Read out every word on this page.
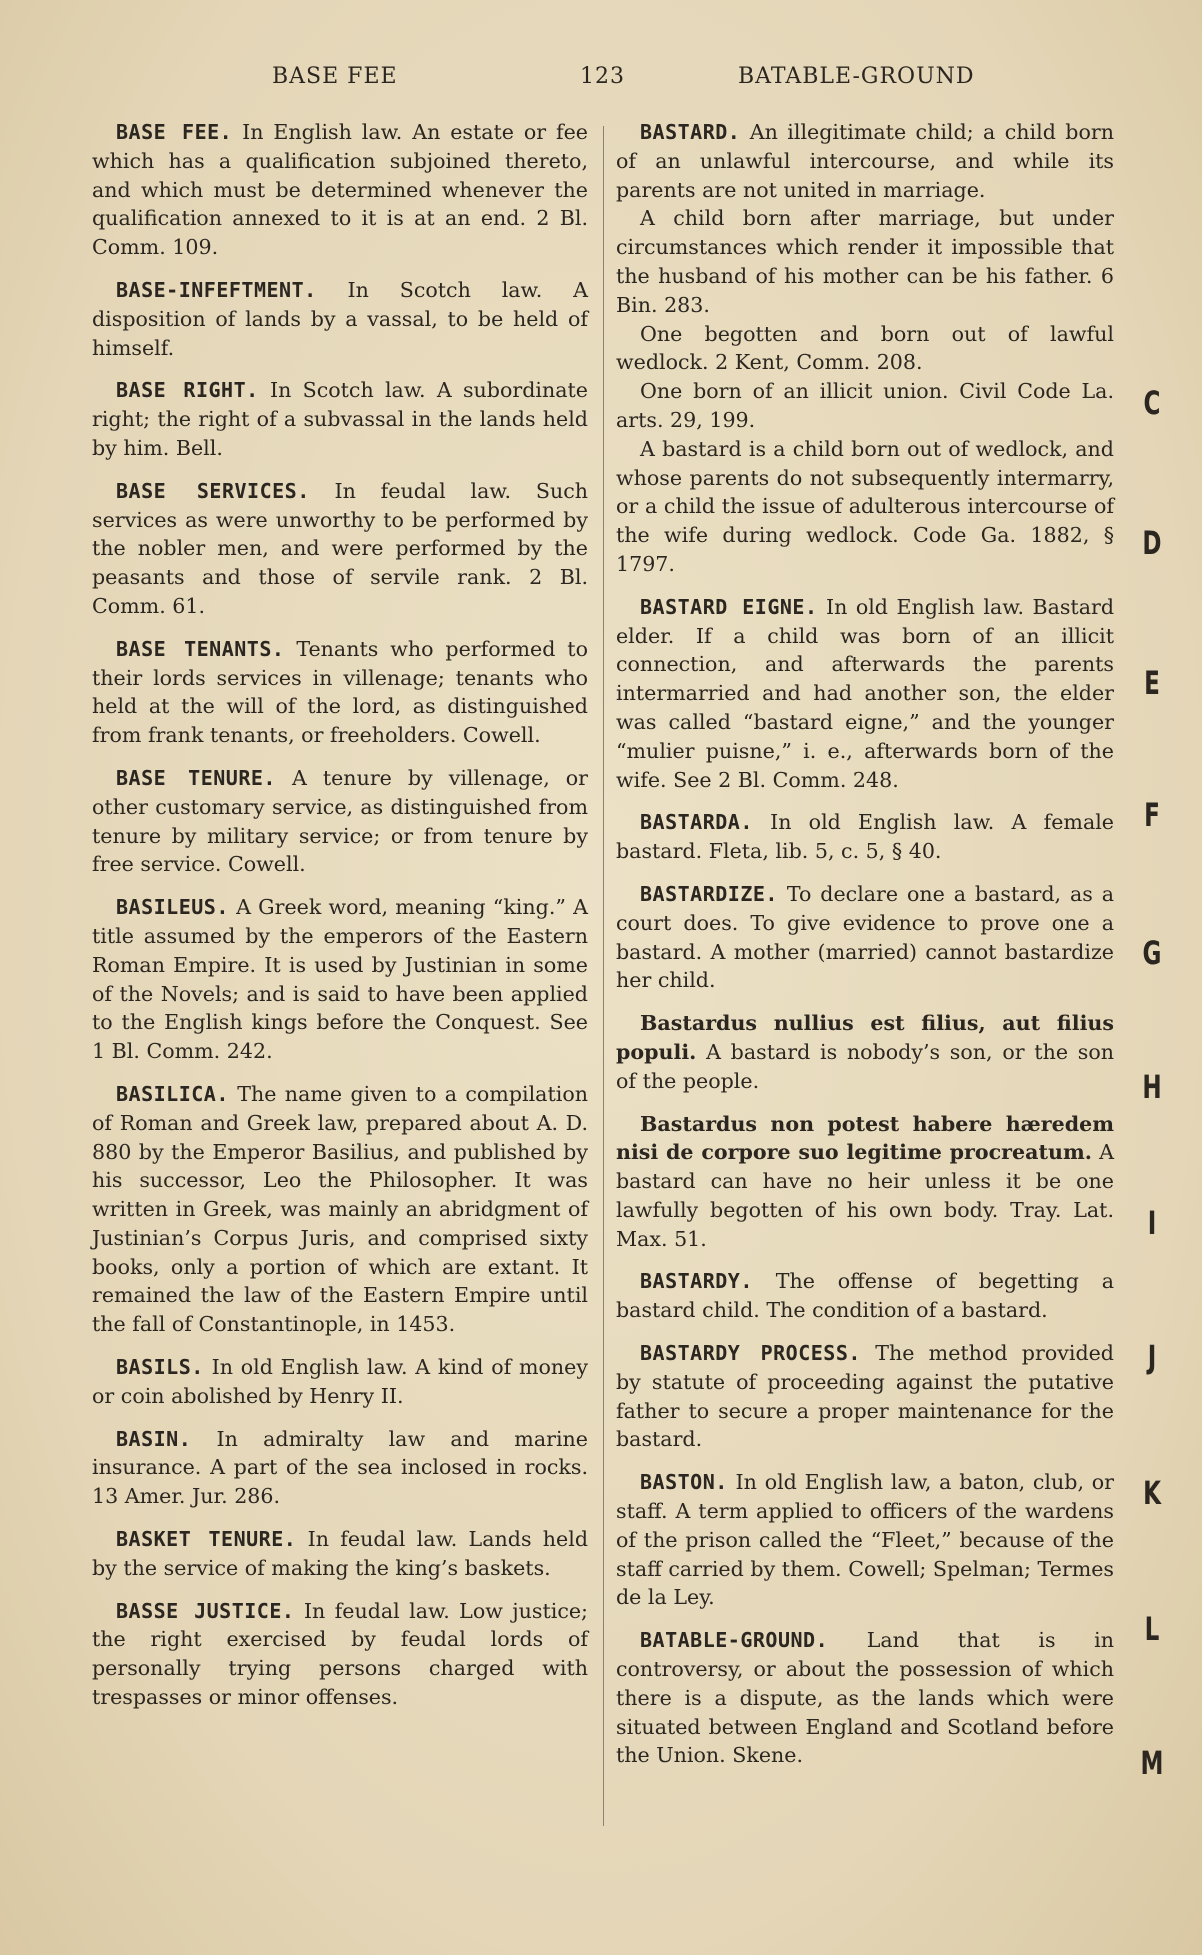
BASE FEE	123	BATABLE-GROUND
BASE FEE. In English law. An estate or fee which has a qualification subjoined thereto, and which must be determined whenever the qualification annexed to it is at an end. 2 Bl. Comm. 109.
BASE-INFEFTMENT. In Scotch law. A disposition of lands by a vassal, to be held of himself.
BASE RIGHT. In Scotch law. A subordinate right; the right of a subvassal in the lands held by him. Bell.
BASE SERVICES. In feudal law. Such services as were unworthy to be performed by the nobler men, and were performed by the peasants and those of servile rank. 2 Bl. Comm. 61.
BASE TENANTS. Tenants who performed to their lords services in villenage; tenants who held at the will of the lord, as distinguished from frank tenants, or freeholders. Cowell.
BASE TENURE. A tenure by villenage, or other customary service, as distinguished from tenure by military service; or from tenure by free service. Cowell.
BASILEUS. A Greek word, meaning “king.” A title assumed by the emperors of the Eastern Roman Empire. It is used by Justinian in some of the Novels; and is said to have been applied to the English kings before the Conquest. See 1 Bl. Comm. 242.
BASILICA. The name given to a compilation of Roman and Greek law, prepared about A. D. 880 by the Emperor Basilius, and published by his successor, Leo the Philosopher. It was written in Greek, was mainly an abridgment of Justinian’s Corpus Juris, and comprised sixty books, only a portion of which are extant. It remained the law of the Eastern Empire until the fall of Constantinople, in 1453.
BASILS. In old English law. A kind of money or coin abolished by Henry II.
BASIN. In admiralty law and marine insurance. A part of the sea inclosed in rocks. 13 Amer. Jur. 286.
BASKET TENURE. In feudal law. Lands held by the service of making the king’s baskets.
BASSE JUSTICE. In feudal law. Low justice; the right exercised by feudal lords of personally trying persons charged with trespasses or minor offenses.

BASTARD. An illegitimate child; a child born of an unlawful intercourse, and while its parents are not united in marriage.

A child born after marriage, but under circumstances which render it impossible that the husband of his mother can be his father. 6 Bin. 283.

One begotten and born out of lawful wedlock. 2 Kent, Comm. 208.

One born of an illicit union. Civil Code La. arts. 29, 199.

A bastard is a child born out of wedlock, and whose parents do not subsequently intermarry, or a child the issue of adulterous intercourse of the wife during wedlock. Code Ga. 1882, § 1797.

BASTARD EIGNE. In old English law. Bastard elder. If a child was born of an illicit connection, and afterwards the parents intermarried and had another son, the elder was called “bastard eigne,” and the younger “mulier puisne,” i. e., afterwards born of the wife. See 2 Bl. Comm. 248.
BASTARDA. In old English law. A female bastard. Fleta, lib. 5, c. 5, § 40.
BASTARDIZE. To declare one a bastard, as a court does. To give evidence to prove one a bastard. A mother (married) cannot bastardize her child.
Bastardus nullius est filius, aut filius populi. A bastard is nobody’s son, or the son of the people.
Bastardus non potest habere hæredem nisi de corpore suo legitime procreatum. A bastard can have no heir unless it be one lawfully begotten of his own body. Tray. Lat. Max. 51.
BASTARDY. The offense of begetting a bastard child. The condition of a bastard.
BASTARDY PROCESS. The method provided by statute of proceeding against the putative father to secure a proper maintenance for the bastard.
BASTON. In old English law, a baton, club, or staff. A term applied to officers of the wardens of the prison called the “Fleet,” because of the staff carried by them. Cowell; Spelman; Termes de la Ley.
BATABLE-GROUND. Land that is in controversy, or about the possession of which there is a dispute, as the lands which were situated between England and Scotland before the Union. Skene.
C
D
E
F
G
H
I
J
K
L
M
